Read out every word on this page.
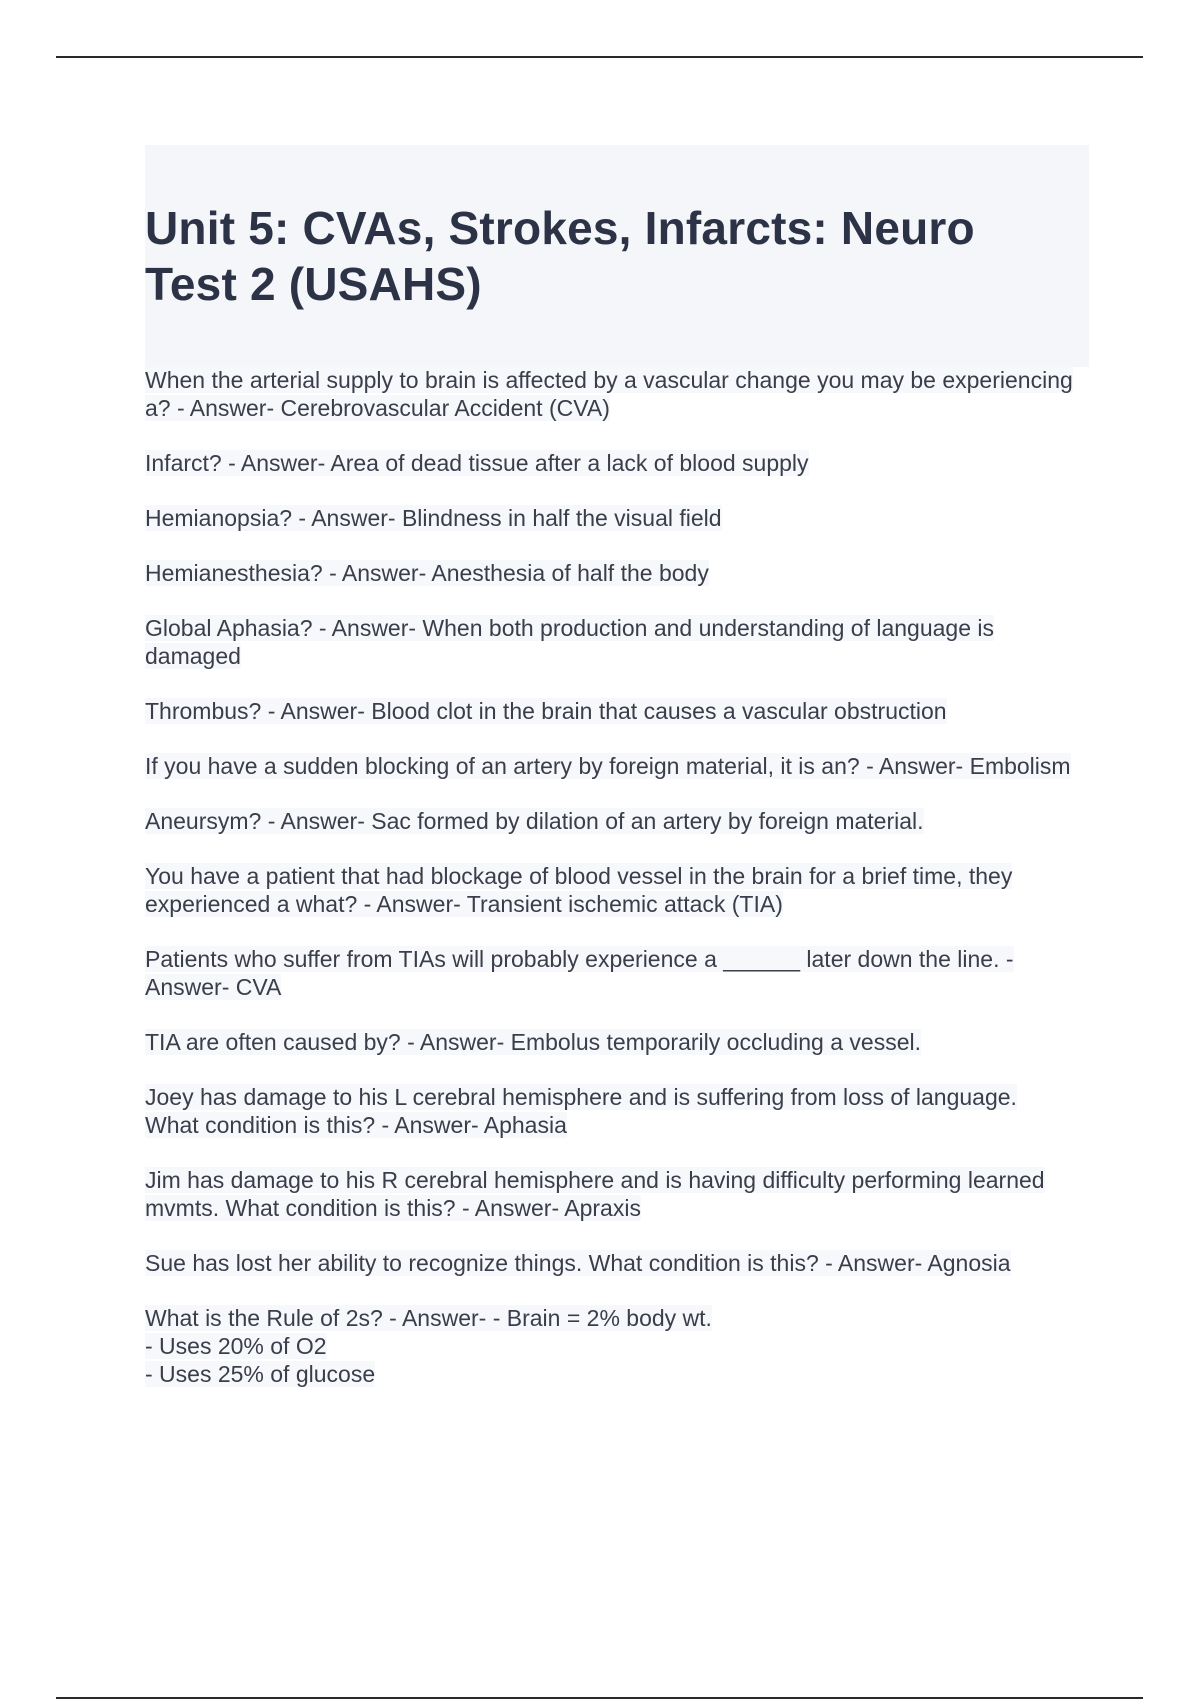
Unit 5: CVAs, Strokes, Infarcts: Neuro Test 2 (USAHS)

When the arterial supply to brain is affected by a vascular change you may be experiencing a? - Answer- Cerebrovascular Accident (CVA)

Infarct? - Answer- Area of dead tissue after a lack of blood supply

Hemianopsia? - Answer- Blindness in half the visual field

Hemianesthesia? - Answer- Anesthesia of half the body

Global Aphasia? - Answer- When both production and understanding of language is damaged

Thrombus? - Answer- Blood clot in the brain that causes a vascular obstruction

If you have a sudden blocking of an artery by foreign material, it is an? - Answer- Embolism

Aneursym? - Answer- Sac formed by dilation of an artery by foreign material.

You have a patient that had blockage of blood vessel in the brain for a brief time, they experienced a what? - Answer- Transient ischemic attack (TIA)

Patients who suffer from TIAs will probably experience a ______ later down the line. - Answer- CVA

TIA are often caused by? - Answer- Embolus temporarily occluding a vessel.

Joey has damage to his L cerebral hemisphere and is suffering from loss of language. What condition is this? - Answer- Aphasia

Jim has damage to his R cerebral hemisphere and is having difficulty performing learned mvmts. What condition is this? - Answer- Apraxis

Sue has lost her ability to recognize things. What condition is this? - Answer- Agnosia

What is the Rule of 2s? - Answer- - Brain = 2% body wt.
- Uses 20% of O2
- Uses 25% of glucose
